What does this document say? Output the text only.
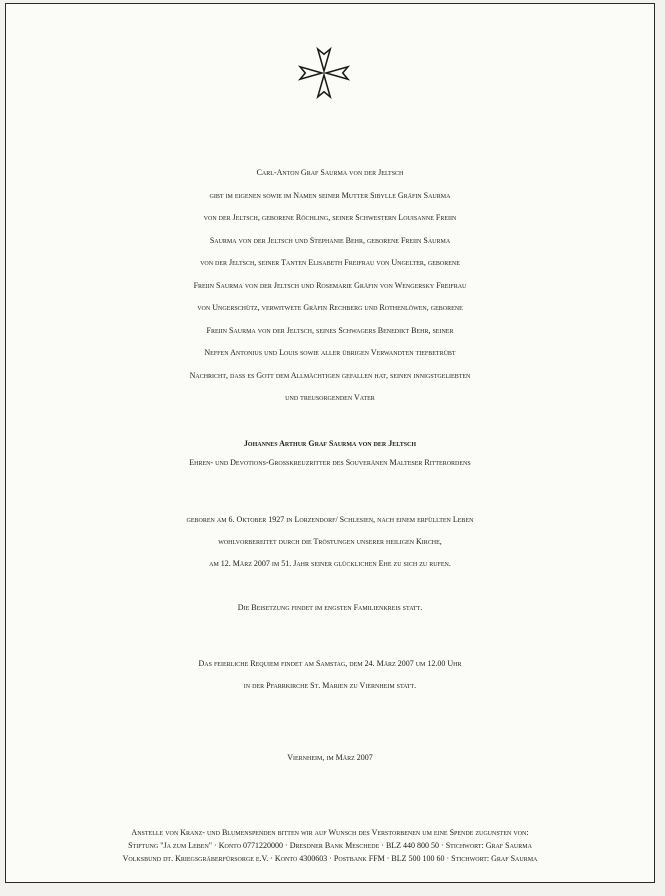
Carl-Anton Graf Saurma von der Jeltsch
gibt im eigenen sowie im Namen seiner Mutter Sibylle Gräfin Saurma
von der Jeltsch, geborene Röchling, seiner Schwestern Louisanne Freiin
Saurma von der Jeltsch und Stephanie Behr, geborene Freiin Saurma
von der Jeltsch, seiner Tanten Elisabeth Freifrau von Ungelter, geborene
Freiin Saurma von der Jeltsch und Rosemarie Gräfin von Wengersky Freifrau
von Ungerschütz, verwitwete Gräfin Rechberg und Rothenlöwen, geborene
Freiin Saurma von der Jeltsch, seines Schwagers Benedikt Behr, seiner
Neffen Antonius und Louis sowie aller übrigen Verwandten tiefbetrübt
Nachricht, dass es Gott dem Allmächtigen gefallen hat, seinen innigstgeliebten
und treusorgenden Vater
Johannes Arthur Graf Saurma von der Jeltsch
Ehren- und Devotions-Großkreuzritter des Souveränen Malteser Ritterordens
geboren am 6. Oktober 1927 in Lorzendorf/ Schlesien, nach einem erfüllten Leben
wohlvorbereitet durch die Tröstungen unserer heiligen Kirche,
am 12. März 2007 im 51. Jahr seiner glücklichen Ehe zu sich zu rufen.
Die Beisetzung findet im engsten Familienkreis statt.
Das feierliche Requiem findet am Samstag, dem 24. März 2007 um 12.00 Uhr
in der Pfarrkirche St. Marien zu Viernheim statt.
Viernheim, im März 2007
Anstelle von Kranz- und Blumenspenden bitten wir auf Wunsch des Verstorbenen um eine Spende zugunsten von:
Stiftung "Ja zum Leben" · Konto 0771220000 · Dresdner Bank Meschede · BLZ 440 800 50 · Stichwort: Graf Saurma
Volksbund dt. Kriegsgräberfürsorge e.V. · Konto 4300603 · Postbank FFM · BLZ 500 100 60 · Stichwort: Graf Saurma
